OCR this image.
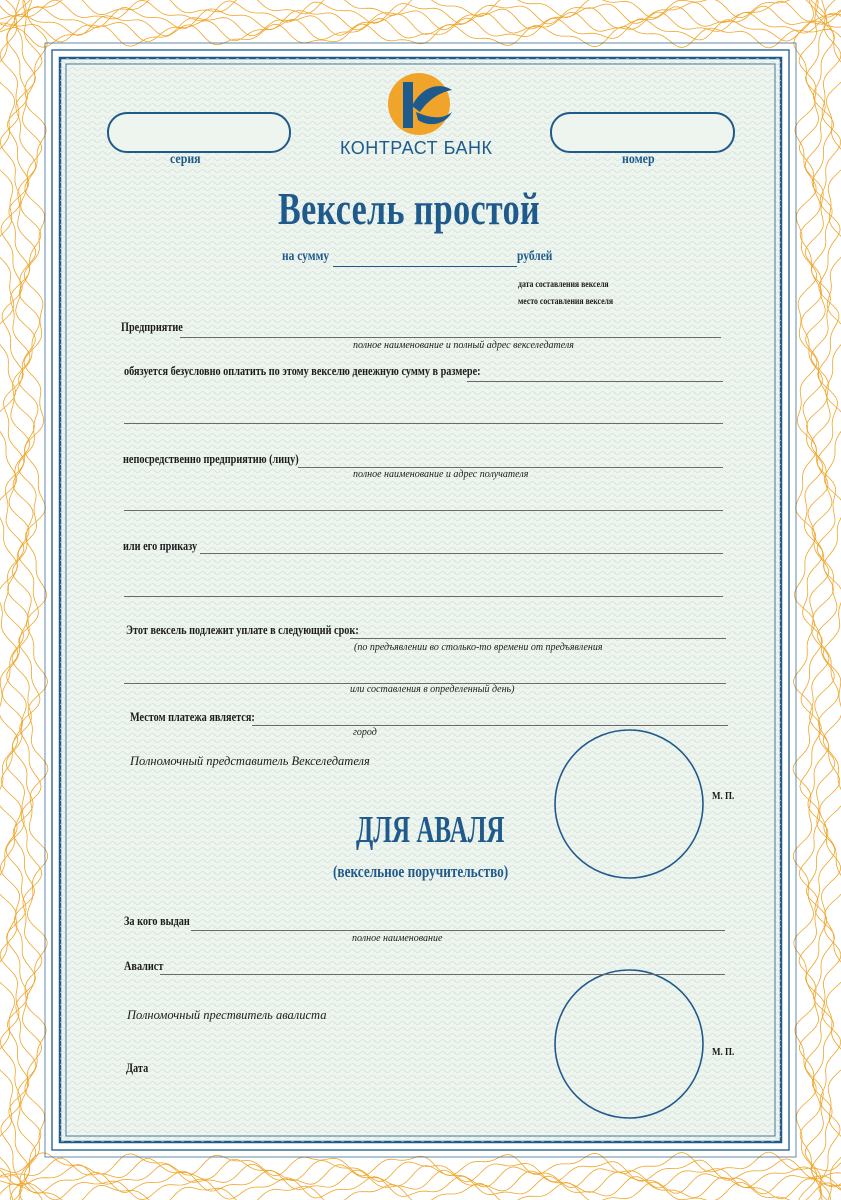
КОНТРАСТ БАНК
серия	номер
Вексель простой
на сумму	рублей
дата составления векселя
место составления векселя
Предприятие
полное наименование и полный адрес векселедателя
обязуется безусловно оплатить по этому векселю денежную сумму в размере:
непосредственно предприятию (лицу)
полное наименование и адрес получателя
или его приказу
Этот вексель подлежит уплате в следующий срок:
(по предъявлении во столько-то времени от предъявления
или составления в определенный день)
Местом платежа является:
город
Полномочный представитель Векселедателя
М. П.
ДЛЯ АВАЛЯ
(вексельное поручительство)
За кого выдан
полное наименование
Авалист
Полномочный прествитель авалиста
М. П.
Дата
